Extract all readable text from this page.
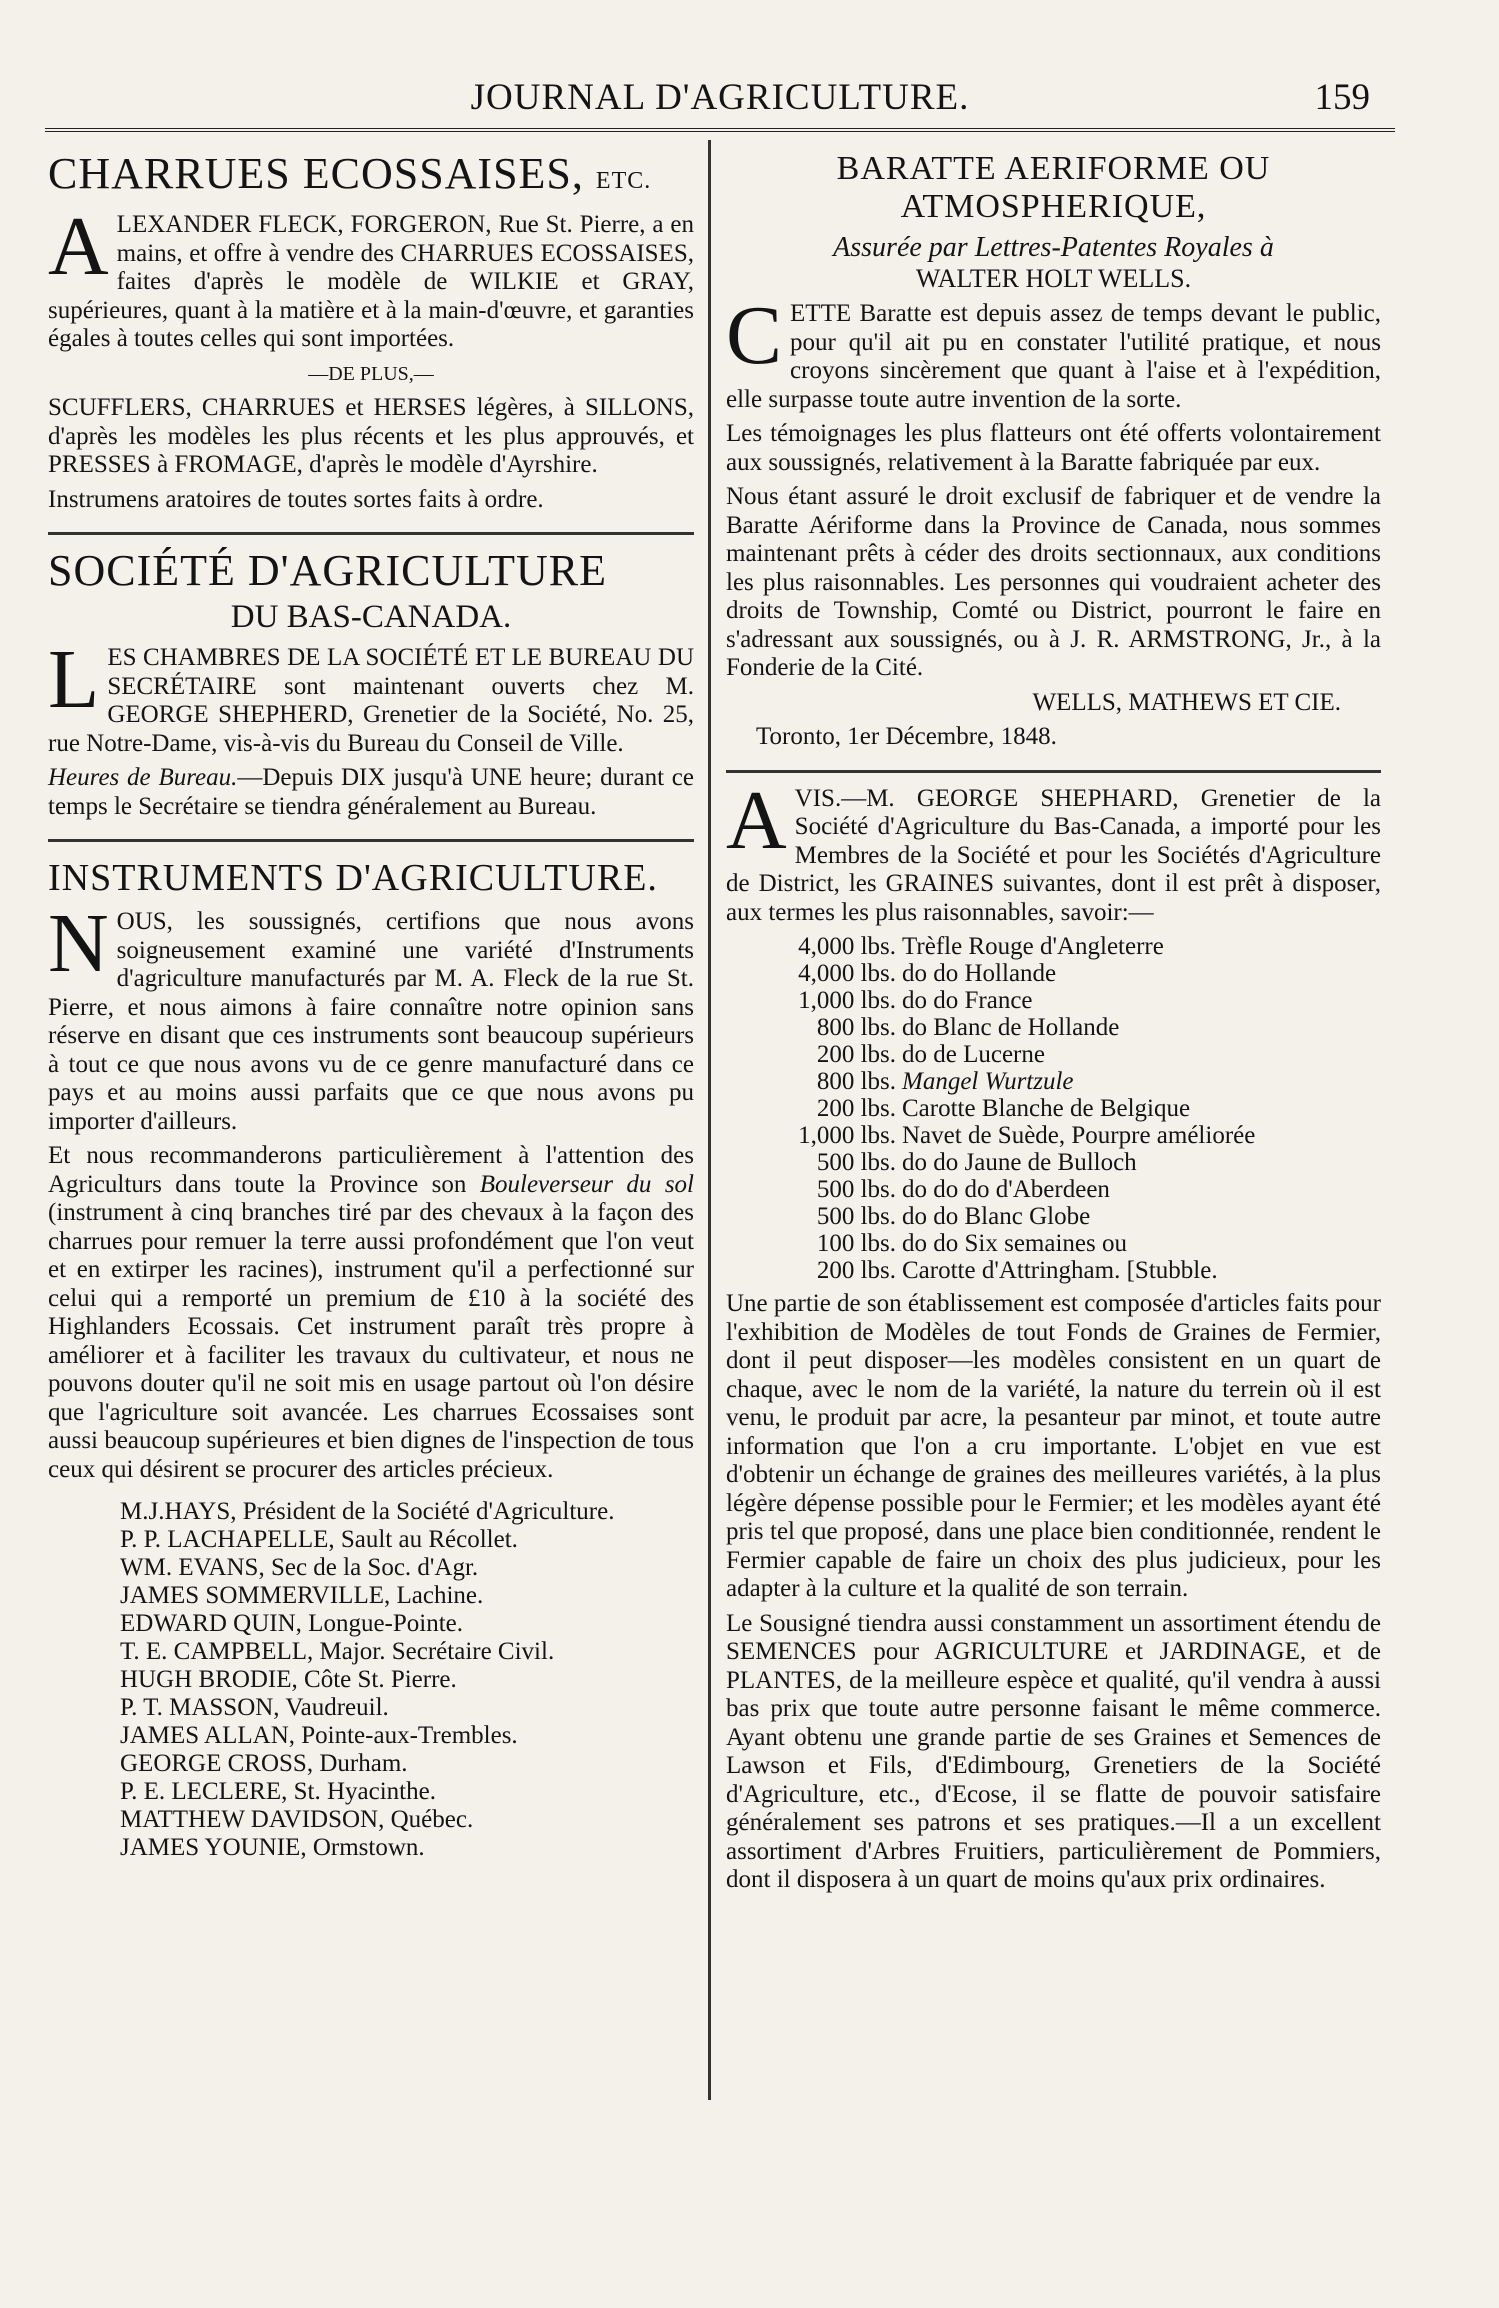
JOURNAL D'AGRICULTURE.	159
CHARRUES ECOSSAISES, ETC.

A LEXANDER FLECK, FORGERON, Rue St. Pierre, a en mains, et offre à vendre des CHARRUES ECOSSAISES, faites d'après le modèle de WILKIE et GRAY, supérieures, quant à la matière et à la main-d'œuvre, et garanties égales à toutes celles qui sont importées.

—DE PLUS,—

SCUFFLERS, CHARRUES et HERSES légères, à SILLONS, d'après les modèles les plus récents et les plus approuvés, et PRESSES à FROMAGE, d'après le modèle d'Ayrshire.

Instrumens aratoires de toutes sortes faits à ordre.

SOCIÉTÉ D'AGRICULTURE
DU BAS-CANADA.

L ES CHAMBRES DE LA SOCIÉTÉ ET LE BUREAU DU SECRÉTAIRE sont maintenant ouverts chez M. GEORGE SHEPHERD, Grenetier de la Société, No. 25, rue Notre-Dame, vis-à-vis du Bureau du Conseil de Ville.

Heures de Bureau.—Depuis DIX jusqu'à UNE heure; durant ce temps le Secrétaire se tiendra généralement au Bureau.

INSTRUMENTS D'AGRICULTURE.

N OUS, les soussignés, certifions que nous avons soigneusement examiné une variété d'Instruments d'agriculture manufacturés par M. A. Fleck de la rue St. Pierre, et nous aimons à faire connaître notre opinion sans réserve en disant que ces instruments sont beaucoup supérieurs à tout ce que nous avons vu de ce genre manufacturé dans ce pays et au moins aussi parfaits que ce que nous avons pu importer d'ailleurs.

Et nous recommanderons particulièrement à l'attention des Agriculturs dans toute la Province son Bouleverseur du sol (instrument à cinq branches tiré par des chevaux à la façon des charrues pour remuer la terre aussi profondément que l'on veut et en extirper les racines), instrument qu'il a perfectionné sur celui qui a remporté un premium de £10 à la société des Highlanders Ecossais. Cet instrument paraît très propre à améliorer et à faciliter les travaux du cultivateur, et nous ne pouvons douter qu'il ne soit mis en usage partout où l'on désire que l'agriculture soit avancée. Les charrues Ecossaises sont aussi beaucoup supérieures et bien dignes de l'inspection de tous ceux qui désirent se procurer des articles précieux.

M.J.HAYS, Président de la Société d'Agriculture.
P. P. LACHAPELLE, Sault au Récollet.
WM. EVANS, Sec de la Soc. d'Agr.
JAMES SOMMERVILLE, Lachine.
EDWARD QUIN, Longue-Pointe.
T. E. CAMPBELL, Major. Secrétaire Civil.
HUGH BRODIE, Côte St. Pierre.
P. T. MASSON, Vaudreuil.
JAMES ALLAN, Pointe-aux-Trembles.
GEORGE CROSS, Durham.
P. E. LECLERE, St. Hyacinthe.
MATTHEW DAVIDSON, Québec.
JAMES YOUNIE, Ormstown.
BARATTE AERIFORME OU ATMOSPHERIQUE,
Assurée par Lettres-Patentes Royales à
WALTER HOLT WELLS.

C ETTE Baratte est depuis assez de temps devant le public, pour qu'il ait pu en constater l'utilité pratique, et nous croyons sincèrement que quant à l'aise et à l'expédition, elle surpasse toute autre invention de la sorte.

Les témoignages les plus flatteurs ont été offerts volontairement aux soussignés, relativement à la Baratte fabriquée par eux.

Nous étant assuré le droit exclusif de fabriquer et de vendre la Baratte Aériforme dans la Province de Canada, nous sommes maintenant prêts à céder des droits sectionnaux, aux conditions les plus raisonnables. Les personnes qui voudraient acheter des droits de Township, Comté ou District, pourront le faire en s'adressant aux soussignés, ou à J. R. ARMSTRONG, Jr., à la Fonderie de la Cité.

WELLS, MATHEWS ET CIE.

Toronto, 1er Décembre, 1848.

A VIS.—M. GEORGE SHEPHARD, Grenetier de la Société d'Agriculture du Bas-Canada, a importé pour les Membres de la Société et pour les Sociétés d'Agriculture de District, les GRAINES suivantes, dont il est prêt à disposer, aux termes les plus raisonnables, savoir:—

4,000 lbs.	Trèfle Rouge d'Angleterre
4,000 lbs.	do do Hollande
1,000 lbs.	do do France
800 lbs.	do Blanc de Hollande
200 lbs.	do de Lucerne
800 lbs.	Mangel Wurtzule
200 lbs.	Carotte Blanche de Belgique
1,000 lbs.	Navet de Suède, Pourpre améliorée
500 lbs.	do do Jaune de Bulloch
500 lbs.	do do do d'Aberdeen
500 lbs.	do do Blanc Globe
100 lbs.	do do Six semaines ou
200 lbs.	Carotte d'Attringham. [Stubble.

Une partie de son établissement est composée d'articles faits pour l'exhibition de Modèles de tout Fonds de Graines de Fermier, dont il peut disposer—les modèles consistent en un quart de chaque, avec le nom de la variété, la nature du terrein où il est venu, le produit par acre, la pesanteur par minot, et toute autre information que l'on a cru importante. L'objet en vue est d'obtenir un échange de graines des meilleures variétés, à la plus légère dépense possible pour le Fermier; et les modèles ayant été pris tel que proposé, dans une place bien conditionnée, rendent le Fermier capable de faire un choix des plus judicieux, pour les adapter à la culture et la qualité de son terrain.

Le Sousigné tiendra aussi constamment un assortiment étendu de SEMENCES pour AGRICULTURE et JARDINAGE, et de PLANTES, de la meilleure espèce et qualité, qu'il vendra à aussi bas prix que toute autre personne faisant le même commerce. Ayant obtenu une grande partie de ses Graines et Semences de Lawson et Fils, d'Edimbourg, Grenetiers de la Société d'Agriculture, etc., d'Ecose, il se flatte de pouvoir satisfaire généralement ses patrons et ses pratiques.—Il a un excellent assortiment d'Arbres Fruitiers, particulièrement de Pommiers, dont il disposera à un quart de moins qu'aux prix ordinaires.
